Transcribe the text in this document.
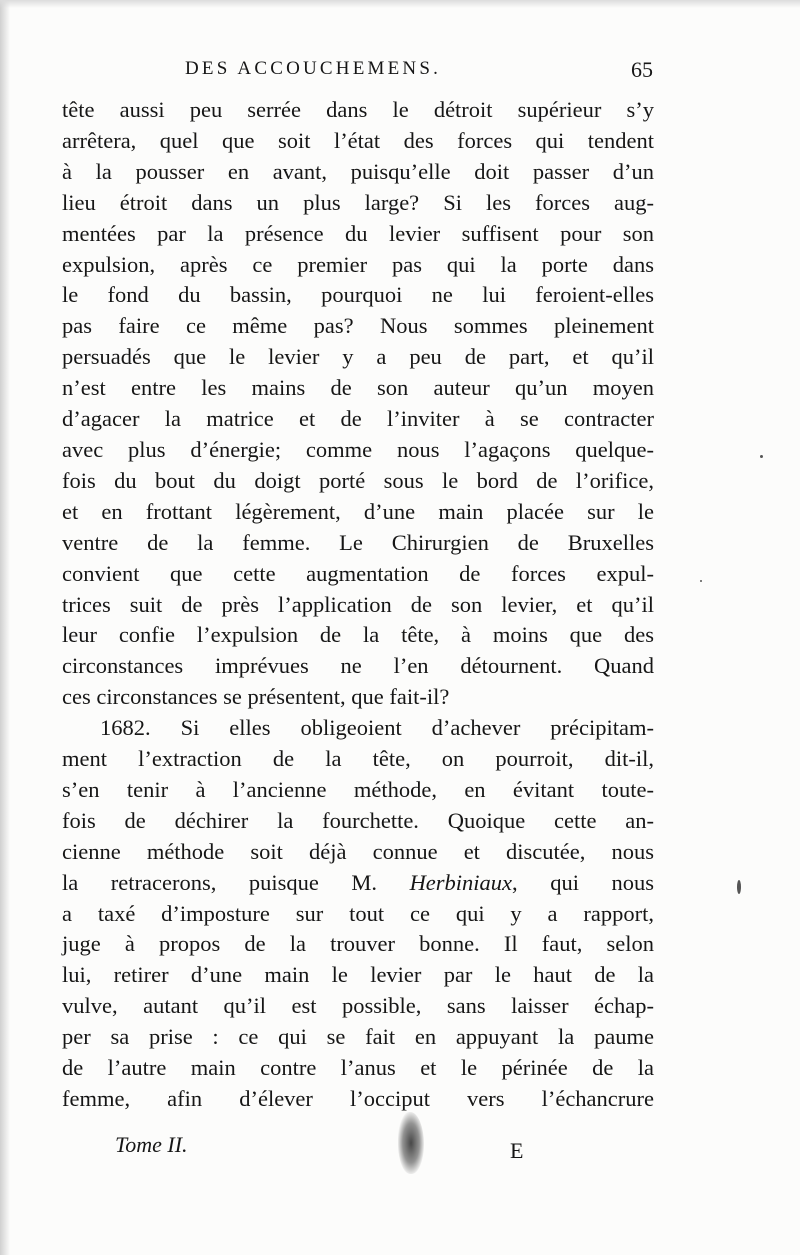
DES ACCOUCHEMENS.	65
tête aussi peu serrée dans le détroit supérieur s’y
arrêtera, quel que soit l’état des forces qui tendent
à la pousser en avant, puisqu’elle doit passer d’un
lieu étroit dans un plus large? Si les forces aug-
mentées par la présence du levier suffisent pour son
expulsion, après ce premier pas qui la porte dans
le fond du bassin, pourquoi ne lui feroient-elles
pas faire ce même pas? Nous sommes pleinement
persuadés que le levier y a peu de part, et qu’il
n’est entre les mains de son auteur qu’un moyen
d’agacer la matrice et de l’inviter à se contracter
avec plus d’énergie; comme nous l’agaçons quelque-
fois du bout du doigt porté sous le bord de l’orifice,
et en frottant légèrement, d’une main placée sur le
ventre de la femme. Le Chirurgien de Bruxelles
convient que cette augmentation de forces expul-
trices suit de près l’application de son levier, et qu’il
leur confie l’expulsion de la tête, à moins que des
circonstances imprévues ne l’en détournent. Quand
ces circonstances se présentent, que fait-il?
1682. Si elles obligeoient d’achever précipitam-
ment l’extraction de la tête, on pourroit, dit-il,
s’en tenir à l’ancienne méthode, en évitant toute-
fois de déchirer la fourchette. Quoique cette an-
cienne méthode soit déjà connue et discutée, nous
la retracerons, puisque M. Herbiniaux, qui nous
a taxé d’imposture sur tout ce qui y a rapport,
juge à propos de la trouver bonne. Il faut, selon
lui, retirer d’une main le levier par le haut de la
vulve, autant qu’il est possible, sans laisser échap-
per sa prise : ce qui se fait en appuyant la paume
de l’autre main contre l’anus et le périnée de la
femme, afin d’élever l’occiput vers l’échancrure
Tome II.	E
